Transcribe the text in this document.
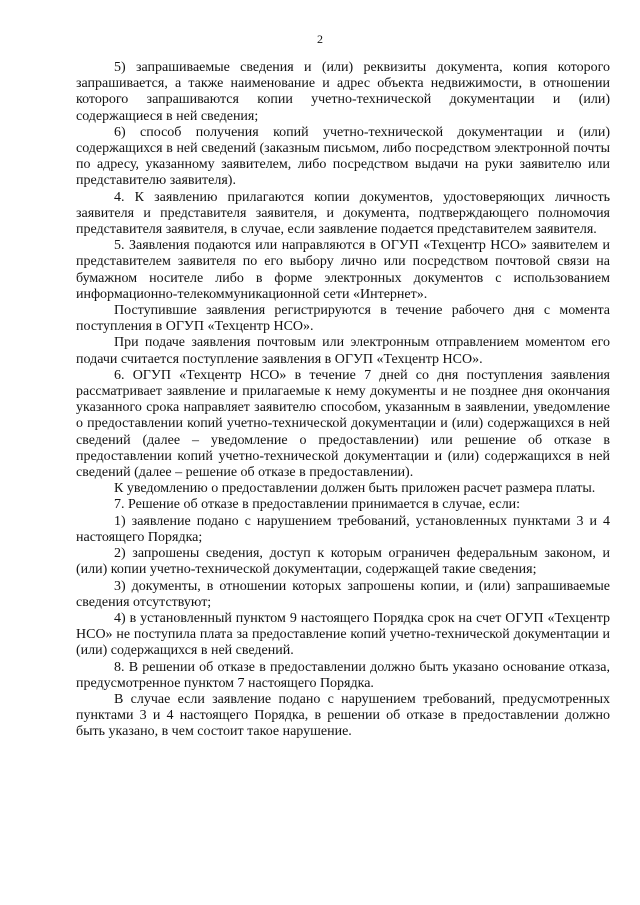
2

5) запрашиваемые сведения и (или) реквизиты документа, копия которого запрашивается, а также наименование и адрес объекта недвижимости, в отношении которого запрашиваются копии учетно-технической документации и (или) содержащиеся в ней сведения;

6) способ получения копий учетно-технической документации и (или) содержащихся в ней сведений (заказным письмом, либо посредством электронной почты по адресу, указанному заявителем, либо посредством выдачи на руки заявителю или представителю заявителя).

4. К заявлению прилагаются копии документов, удостоверяющих личность заявителя и представителя заявителя, и документа, подтверждающего полномочия представителя заявителя, в случае, если заявление подается представителем заявителя.

5. Заявления подаются или направляются в ОГУП «Техцентр НСО» заявителем и представителем заявителя по его выбору лично или посредством почтовой связи на бумажном носителе либо в форме электронных документов с использованием информационно-телекоммуникационной сети «Интернет».

Поступившие заявления регистрируются в течение рабочего дня с момента поступления в ОГУП «Техцентр НСО».

При подаче заявления почтовым или электронным отправлением моментом его подачи считается поступление заявления в ОГУП «Техцентр НСО».

6. ОГУП «Техцентр НСО» в течение 7 дней со дня поступления заявления рассматривает заявление и прилагаемые к нему документы и не позднее дня окончания указанного срока направляет заявителю способом, указанным в заявлении, уведомление о предоставлении копий учетно-технической документации и (или) содержащихся в ней сведений (далее – уведомление о предоставлении) или решение об отказе в предоставлении копий учетно-технической документации и (или) содержащихся в ней сведений (далее – решение об отказе в предоставлении).

К уведомлению о предоставлении должен быть приложен расчет размера платы.

7. Решение об отказе в предоставлении принимается в случае, если:

1) заявление подано с нарушением требований, установленных пунктами 3 и 4 настоящего Порядка;

2) запрошены сведения, доступ к которым ограничен федеральным законом, и (или) копии учетно-технической документации, содержащей такие сведения;

3) документы, в отношении которых запрошены копии, и (или) запрашиваемые сведения отсутствуют;

4) в установленный пунктом 9 настоящего Порядка срок на счет ОГУП «Техцентр НСО» не поступила плата за предоставление копий учетно-технической документации и (или) содержащихся в ней сведений.

8. В решении об отказе в предоставлении должно быть указано основание отказа, предусмотренное пунктом 7 настоящего Порядка.

В случае если заявление подано с нарушением требований, предусмотренных пунктами 3 и 4 настоящего Порядка, в решении об отказе в предоставлении должно быть указано, в чем состоит такое нарушение.
